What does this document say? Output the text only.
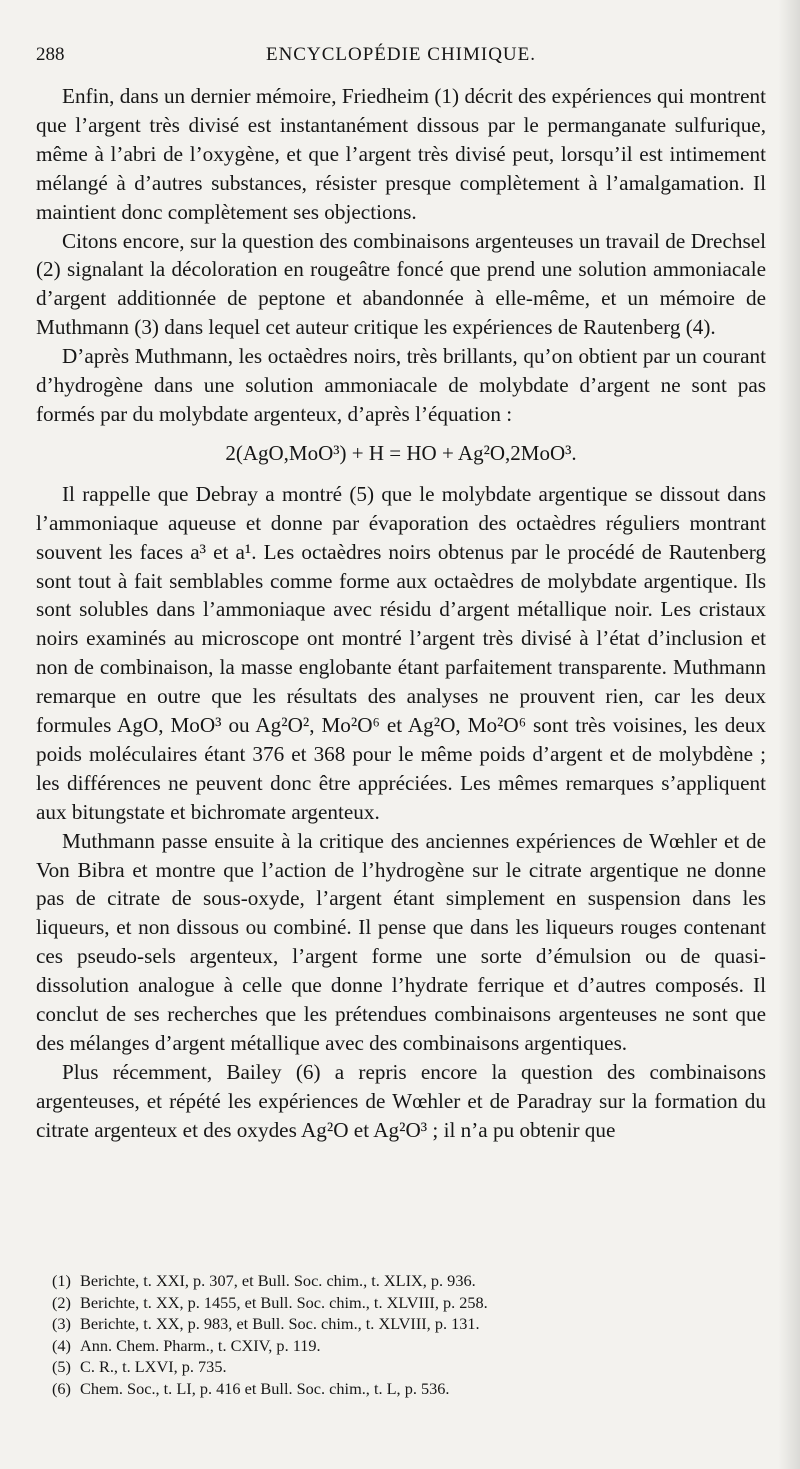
288	ENCYCLOPÉDIE CHIMIQUE.

Enfin, dans un dernier mémoire, Friedheim (1) décrit des expériences qui montrent que l’argent très divisé est instantanément dissous par le permanganate sulfurique, même à l’abri de l’oxygène, et que l’argent très divisé peut, lorsqu’il est intimement mélangé à d’autres substances, résister presque complètement à l’amalgamation. Il maintient donc complètement ses objections.

Citons encore, sur la question des combinaisons argenteuses un travail de Drechsel (2) signalant la décoloration en rougeâtre foncé que prend une solution ammoniacale d’argent additionnée de peptone et abandonnée à elle-même, et un mémoire de Muthmann (3) dans lequel cet auteur critique les expériences de Rautenberg (4).

D’après Muthmann, les octaèdres noirs, très brillants, qu’on obtient par un courant d’hydrogène dans une solution ammoniacale de molybdate d’argent ne sont pas formés par du molybdate argenteux, d’après l’équation :

2(AgO,MoO³) + H = HO + Ag²O,2MoO³.

Il rappelle que Debray a montré (5) que le molybdate argentique se dissout dans l’ammoniaque aqueuse et donne par évaporation des octaèdres réguliers montrant souvent les faces a³ et a¹. Les octaèdres noirs obtenus par le procédé de Rautenberg sont tout à fait semblables comme forme aux octaèdres de molybdate argentique. Ils sont solubles dans l’ammoniaque avec résidu d’argent métallique noir. Les cristaux noirs examinés au microscope ont montré l’argent très divisé à l’état d’inclusion et non de combinaison, la masse englobante étant parfaitement transparente. Muthmann remarque en outre que les résultats des analyses ne prouvent rien, car les deux formules AgO, MoO³ ou Ag²O², Mo²O⁶ et Ag²O, Mo²O⁶ sont très voisines, les deux poids moléculaires étant 376 et 368 pour le même poids d’argent et de molybdène ; les différences ne peuvent donc être appréciées. Les mêmes remarques s’appliquent aux bitungstate et bichromate argenteux.

Muthmann passe ensuite à la critique des anciennes expériences de Wœhler et de Von Bibra et montre que l’action de l’hydrogène sur le citrate argentique ne donne pas de citrate de sous-oxyde, l’argent étant simplement en suspension dans les liqueurs, et non dissous ou combiné. Il pense que dans les liqueurs rouges contenant ces pseudo-sels argenteux, l’argent forme une sorte d’émulsion ou de quasi-dissolution analogue à celle que donne l’hydrate ferrique et d’autres composés. Il conclut de ses recherches que les prétendues combinaisons argenteuses ne sont que des mélanges d’argent métallique avec des combinaisons argentiques.

Plus récemment, Bailey (6) a repris encore la question des combinaisons argenteuses, et répété les expériences de Wœhler et de Paradray sur la formation du citrate argenteux et des oxydes Ag²O et Ag²O³ ; il n’a pu obtenir que

(1) Berichte, t. XXI, p. 307, et Bull. Soc. chim., t. XLIX, p. 936.
(2) Berichte, t. XX, p. 1455, et Bull. Soc. chim., t. XLVIII, p. 258.
(3) Berichte, t. XX, p. 983, et Bull. Soc. chim., t. XLVIII, p. 131.
(4) Ann. Chem. Pharm., t. CXIV, p. 119.
(5) C. R., t. LXVI, p. 735.
(6) Chem. Soc., t. LI, p. 416 et Bull. Soc. chim., t. L, p. 536.
